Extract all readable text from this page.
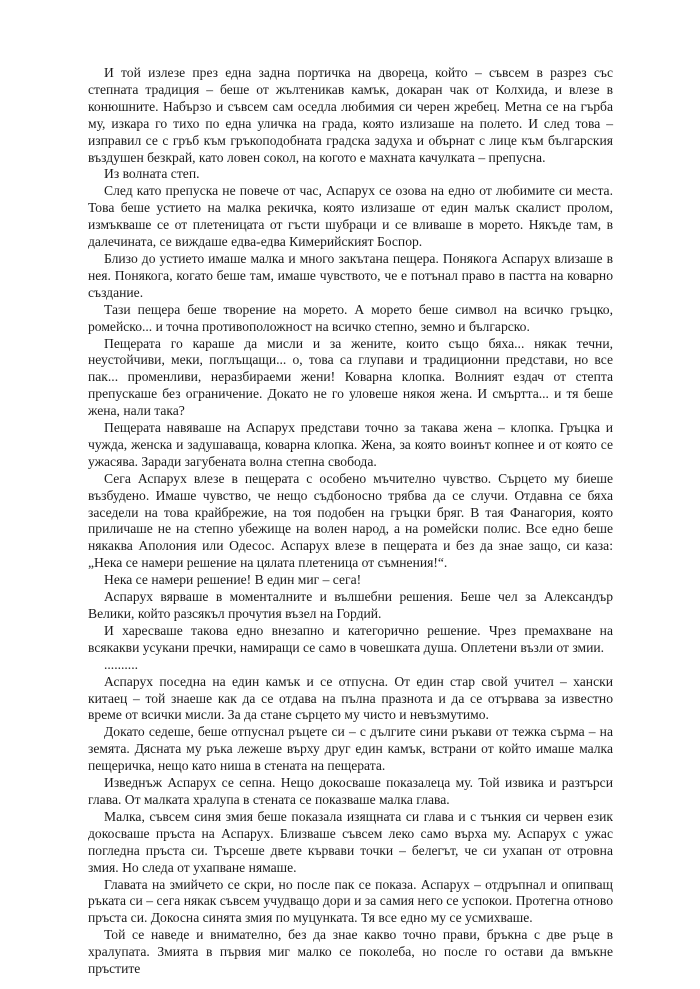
И той излезе през една задна портичка на двореца, който – съвсем в разрез със степната традиция – беше от жълтеникав камък, докаран чак от Колхида, и влезе в конюшните. Набързо и съвсем сам оседла любимия си черен жребец. Метна се на гърба му, изкара го тихо по една уличка на града, която излизаше на полето. И след това – изправил се с гръб към гръкоподобната градска задуха и обърнат с лице към българския въздушен безкрай, като ловен сокол, на когото е махната качулката – препусна.

Из волната степ.

След като препуска не повече от час, Аспарух се озова на едно от любимите си места. Това беше устието на малка рекичка, която излизаше от един малък скалист пролом, измъкваше се от плетеницата от гъсти шубраци и се вливаше в морето. Някъде там, в далечината, се виждаше едва-едва Кимерийският Боспор.

Близо до устието имаше малка и много закътана пещера. Понякога Аспарух влизаше в нея. Понякога, когато беше там, имаше чувството, че е потънал право в пастта на коварно създание.

Тази пещера беше творение на морето. А морето беше символ на всичко гръцко, ромейско... и точна противоположност на всичко степно, земно и българско.

Пещерата го караше да мисли и за жените, които също бяха... някак течни, неустойчиви, меки, поглъщащи... о, това са глупави и традиционни представи, но все пак... променливи, неразбираеми жени! Коварна клопка. Волният ездач от степта препускаше без ограничение. Докато не го уловеше някоя жена. И смъртта... и тя беше жена, нали така?

Пещерата навяваше на Аспарух представи точно за такава жена – клопка. Гръцка и чужда, женска и задушаваща, коварна клопка. Жена, за която воинът копнее и от която се ужасява. Заради загубената волна степна свобода.

Сега Аспарух влезе в пещерата с особено мъчително чувство. Сърцето му биеше възбудено. Имаше чувство, че нещо съдбоносно трябва да се случи. Отдавна се бяха заседели на това крайбрежие, на тоя подобен на гръцки бряг. В тая Фанагория, която приличаше не на степно убежище на волен народ, а на ромейски полис. Все едно беше някаква Аполония или Одесос. Аспарух влезе в пещерата и без да знае защо, си каза: „Нека се намери решение на цялата плетеница от съмнения!“.

Нека се намери решение! В един миг – сега!

Аспарух вярваше в моменталните и вълшебни решения. Беше чел за Александър Велики, който разсякъл прочутия възел на Гордий.

И харесваше такова едно внезапно и категорично решение. Чрез премахване на всякакви усукани пречки, намиращи се само в човешката душа. Оплетени възли от змии.

..........

Аспарух поседна на един камък и се отпусна. От един стар свой учител – хански китаец – той знаеше как да се отдава на пълна празнота и да се отървава за известно време от всички мисли. За да стане сърцето му чисто и невъзмутимо.

Докато седеше, беше отпуснал ръцете си – с дългите сини ръкави от тежка сърма – на земята. Дясната му ръка лежеше върху друг един камък, встрани от който имаше малка пещеричка, нещо като ниша в стената на пещерата.

Изведнъж Аспарух се сепна. Нещо докосваше показалеца му. Той извика и разтърси глава. От малката хралупа в стената се показваше малка глава.

Малка, съвсем синя змия беше показала изящната си глава и с тънкия си червен език докосваше пръста на Аспарух. Близваше съвсем леко само върха му. Аспарух с ужас погледна пръста си. Търсеше двете кървави точки – белегът, че си ухапан от отровна змия. Но следа от ухапване нямаше.

Главата на змийчето се скри, но после пак се показа. Аспарух – отдръпнал и опипващ ръката си – сега някак съвсем учудващо дори и за самия него се успокои. Протегна отново пръста си. Докосна синята змия по муцунката. Тя все едно му се усмихваше.

Той се наведе и внимателно, без да знае какво точно прави, бръкна с две ръце в хралупата. Змията в първия миг малко се поколеба, но после го остави да вмъкне пръстите
